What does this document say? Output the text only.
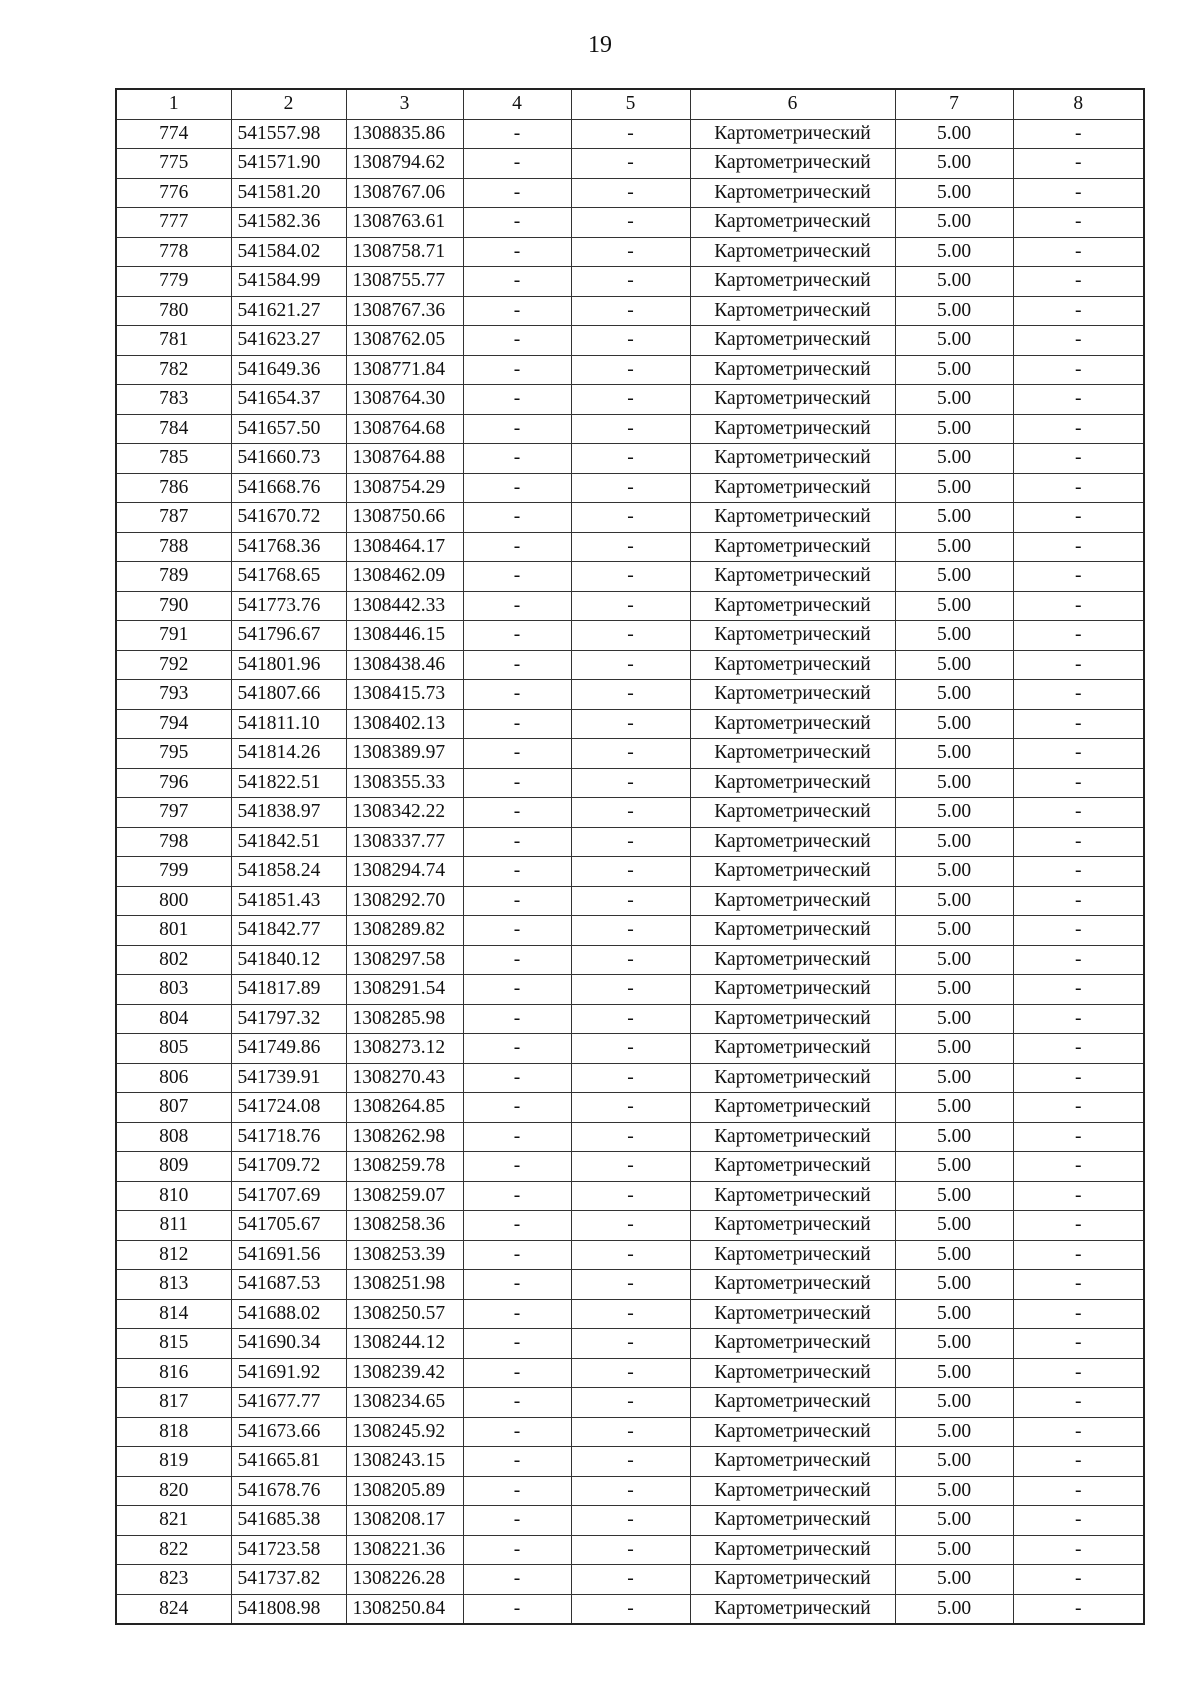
19
1	2	3	4	5	6	7	8
774	541557.98	1308835.86	-	-	Картометрический	5.00	-
775	541571.90	1308794.62	-	-	Картометрический	5.00	-
776	541581.20	1308767.06	-	-	Картометрический	5.00	-
777	541582.36	1308763.61	-	-	Картометрический	5.00	-
778	541584.02	1308758.71	-	-	Картометрический	5.00	-
779	541584.99	1308755.77	-	-	Картометрический	5.00	-
780	541621.27	1308767.36	-	-	Картометрический	5.00	-
781	541623.27	1308762.05	-	-	Картометрический	5.00	-
782	541649.36	1308771.84	-	-	Картометрический	5.00	-
783	541654.37	1308764.30	-	-	Картометрический	5.00	-
784	541657.50	1308764.68	-	-	Картометрический	5.00	-
785	541660.73	1308764.88	-	-	Картометрический	5.00	-
786	541668.76	1308754.29	-	-	Картометрический	5.00	-
787	541670.72	1308750.66	-	-	Картометрический	5.00	-
788	541768.36	1308464.17	-	-	Картометрический	5.00	-
789	541768.65	1308462.09	-	-	Картометрический	5.00	-
790	541773.76	1308442.33	-	-	Картометрический	5.00	-
791	541796.67	1308446.15	-	-	Картометрический	5.00	-
792	541801.96	1308438.46	-	-	Картометрический	5.00	-
793	541807.66	1308415.73	-	-	Картометрический	5.00	-
794	541811.10	1308402.13	-	-	Картометрический	5.00	-
795	541814.26	1308389.97	-	-	Картометрический	5.00	-
796	541822.51	1308355.33	-	-	Картометрический	5.00	-
797	541838.97	1308342.22	-	-	Картометрический	5.00	-
798	541842.51	1308337.77	-	-	Картометрический	5.00	-
799	541858.24	1308294.74	-	-	Картометрический	5.00	-
800	541851.43	1308292.70	-	-	Картометрический	5.00	-
801	541842.77	1308289.82	-	-	Картометрический	5.00	-
802	541840.12	1308297.58	-	-	Картометрический	5.00	-
803	541817.89	1308291.54	-	-	Картометрический	5.00	-
804	541797.32	1308285.98	-	-	Картометрический	5.00	-
805	541749.86	1308273.12	-	-	Картометрический	5.00	-
806	541739.91	1308270.43	-	-	Картометрический	5.00	-
807	541724.08	1308264.85	-	-	Картометрический	5.00	-
808	541718.76	1308262.98	-	-	Картометрический	5.00	-
809	541709.72	1308259.78	-	-	Картометрический	5.00	-
810	541707.69	1308259.07	-	-	Картометрический	5.00	-
811	541705.67	1308258.36	-	-	Картометрический	5.00	-
812	541691.56	1308253.39	-	-	Картометрический	5.00	-
813	541687.53	1308251.98	-	-	Картометрический	5.00	-
814	541688.02	1308250.57	-	-	Картометрический	5.00	-
815	541690.34	1308244.12	-	-	Картометрический	5.00	-
816	541691.92	1308239.42	-	-	Картометрический	5.00	-
817	541677.77	1308234.65	-	-	Картометрический	5.00	-
818	541673.66	1308245.92	-	-	Картометрический	5.00	-
819	541665.81	1308243.15	-	-	Картометрический	5.00	-
820	541678.76	1308205.89	-	-	Картометрический	5.00	-
821	541685.38	1308208.17	-	-	Картометрический	5.00	-
822	541723.58	1308221.36	-	-	Картометрический	5.00	-
823	541737.82	1308226.28	-	-	Картометрический	5.00	-
824	541808.98	1308250.84	-	-	Картометрический	5.00	-
